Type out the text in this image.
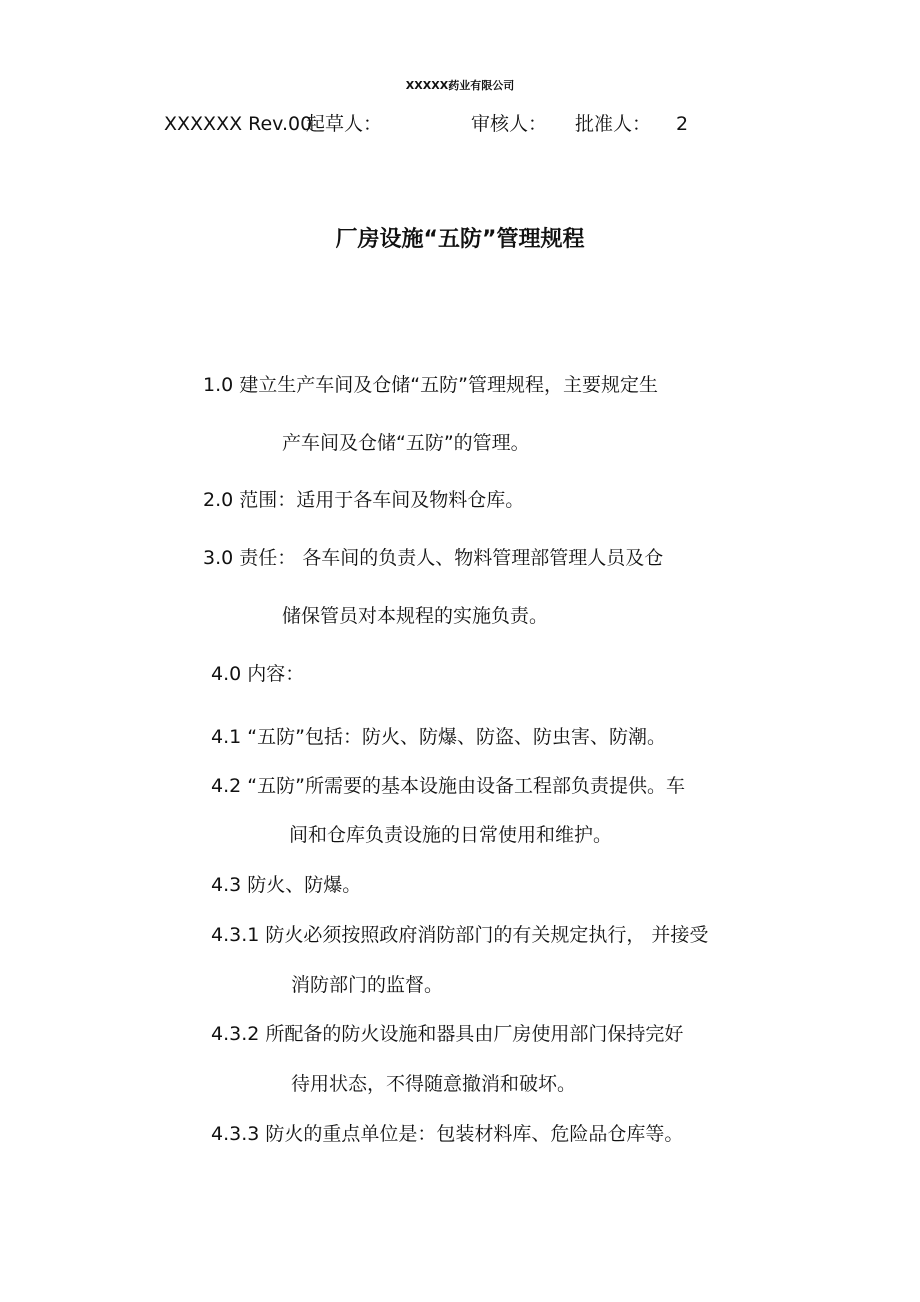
XXXXX药业有限公司
XXXXXX Rev.00
起草人：	审核人： 批准人： 2
厂房设施“五防”管理规程
1.0 建立生产车间及仓储“五防”管理规程，主要规定生
产车间及仓储“五防”的管理。
2.0 范围：适用于各车间及物料仓库。
3.0 责任： 各车间的负责人、物料管理部管理人员及仓
储保管员对本规程的实施负责。
4.0 内容：
4.1 “五防”包括：防火、防爆、防盗、防虫害、防潮。
4.2 “五防”所需要的基本设施由设备工程部负责提供。车
间和仓库负责设施的日常使用和维护。
4.3 防火、防爆。
4.3.1 防火必须按照政府消防部门的有关规定执行， 并接受
消防部门的监督。
4.3.2 所配备的防火设施和器具由厂房使用部门保持完好
待用状态，不得随意撤消和破坏。
4.3.3 防火的重点单位是：包装材料库、危险品仓库等。
